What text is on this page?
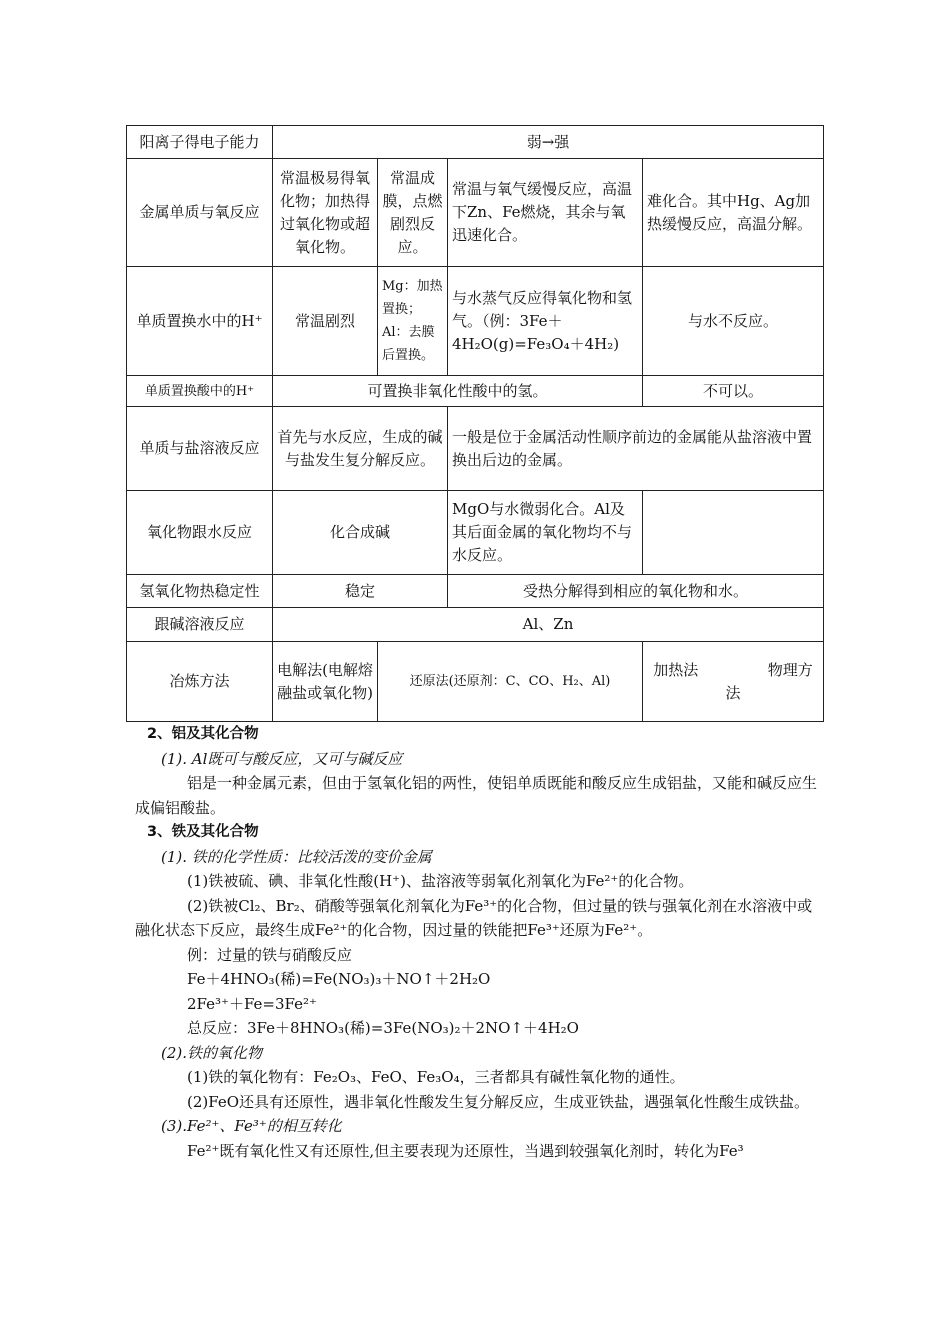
阳离子得电子能力	弱→强			
金属单质与氧反应	常温极易得氧化物；加热得过氧化物或超氧化物。	常温成膜，点燃剧烈反应。	常温与氧气缓慢反应，高温下Zn、Fe燃烧，其余与氧迅速化合。	难化合。其中Hg、Ag加热缓慢反应，高温分解。
单质置换水中的H⁺	常温剧烈	Mg：加热置换；Al：去膜后置换。	与水蒸气反应得氧化物和氢气。（例：3Fe＋4H₂O(g)=Fe₃O₄＋4H₂)	与水不反应。
单质置换酸中的H⁺	可置换非氧化性酸中的氢。			不可以。
单质与盐溶液反应	首先与水反应，生成的碱与盐发生复分解反应。		一般是位于金属活动性顺序前边的金属能从盐溶液中置换出后边的金属。	
氧化物跟水反应	化合成碱		MgO与水微弱化合。Al及其后面金属的氧化物均不与水反应。	
氢氧化物热稳定性	稳定		受热分解得到相应的氧化物和水。	
跟碱溶液反应	Al、Zn			
冶炼方法	电解法(电解熔融盐或氧化物)	还原法(还原剂：C、CO、H₂、Al)		加热法 物理方法

2、铝及其化合物

(1). Al既可与酸反应，又可与碱反应

铝是一种金属元素，但由于氢氧化铝的两性，使铝单质既能和酸反应生成铝盐，又能和碱反应生成偏铝酸盐。

3、铁及其化合物

(1). 铁的化学性质：比较活泼的变价金属

(1)铁被硫、碘、非氧化性酸(H⁺)、盐溶液等弱氧化剂氧化为Fe²⁺的化合物。

(2)铁被Cl₂、Br₂、硝酸等强氧化剂氧化为Fe³⁺的化合物，但过量的铁与强氧化剂在水溶液中或融化状态下反应，最终生成Fe²⁺的化合物，因过量的铁能把Fe³⁺还原为Fe²⁺。

例：过量的铁与硝酸反应

Fe＋4HNO₃(稀)=Fe(NO₃)₃＋NO↑＋2H₂O

2Fe³⁺＋Fe=3Fe²⁺

总反应：3Fe＋8HNO₃(稀)=3Fe(NO₃)₂＋2NO↑＋4H₂O

(2).铁的氧化物

(1)铁的氧化物有：Fe₂O₃、FeO、Fe₃O₄，三者都具有碱性氧化物的通性。

(2)FeO还具有还原性，遇非氧化性酸发生复分解反应，生成亚铁盐，遇强氧化性酸生成铁盐。

(3).Fe²⁺、Fe³⁺的相互转化

Fe²⁺既有氧化性又有还原性,但主要表现为还原性，当遇到较强氧化剂时，转化为Fe³
